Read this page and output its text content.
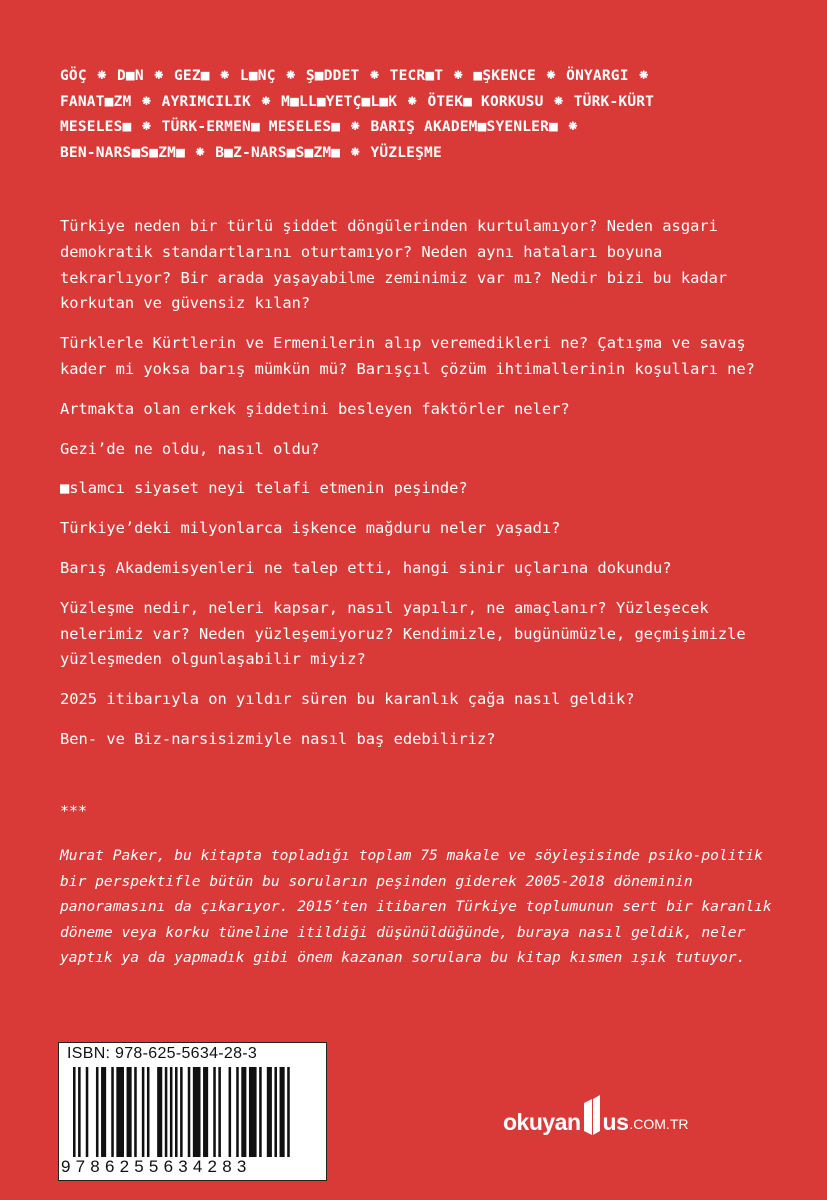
GÖÇ ⁕ D■N ⁕ GEZ■ ⁕ L■NÇ ⁕ Ş■DDET ⁕ TECR■T ⁕ ■ŞKENCE ⁕ ÖNYARGI ⁕
FANAT■ZM ⁕ AYRIMCILIK ⁕ M■LL■YETÇ■L■K ⁕ ÖTEK■ KORKUSU ⁕ TÜRK-KÜRT
MESELES■ ⁕ TÜRK-ERMEN■ MESELES■ ⁕ BARIŞ AKADEM■SYENLER■ ⁕
BEN-NARS■S■ZM■ ⁕ B■Z-NARS■S■ZM■ ⁕ YÜZLEŞME

Türkiye neden bir türlü şiddet döngülerinden kurtulamıyor? Neden asgari demokratik standartlarını oturtamıyor? Neden aynı hataları boyuna tekrarlıyor? Bir arada yaşayabilme zeminimiz var mı? Nedir bizi bu kadar korkutan ve güvensiz kılan?

Türklerle Kürtlerin ve Ermenilerin alıp veremedikleri ne? Çatışma ve savaş kader mi yoksa barış mümkün mü? Barışçıl çözüm ihtimallerinin koşulları ne?

Artmakta olan erkek şiddetini besleyen faktörler neler?

Gezi’de ne oldu, nasıl oldu?

■slamcı siyaset neyi telafi etmenin peşinde?

Türkiye’deki milyonlarca işkence mağduru neler yaşadı?

Barış Akademisyenleri ne talep etti, hangi sinir uçlarına dokundu?

Yüzleşme nedir, neleri kapsar, nasıl yapılır, ne amaçlanır? Yüzleşecek nelerimiz var? Neden yüzleşemiyoruz? Kendimizle, bugünümüzle, geçmişimizle yüzleşmeden olgunlaşabilir miyiz?

2025 itibarıyla on yıldır süren bu karanlık çağa nasıl geldik?

Ben- ve Biz-narsisizmiyle nasıl baş edebiliriz?

***
Murat Paker, bu kitapta topladığı toplam 75 makale ve söyleşisinde psiko-politik bir perspektifle bütün bu soruların peşinden giderek 2005-2018 döneminin panoramasını da çıkarıyor. 2015’ten itibaren Türkiye toplumunun sert bir karanlık döneme veya korku tüneline itildiği düşünüldüğünde, buraya nasıl geldik, neler yaptık ya da yapmadık gibi önem kazanan sorulara bu kitap kısmen ışık tutuyor.
ISBN: 978-625-5634-28-3
9786255634283
okuyan us .COM.TR
